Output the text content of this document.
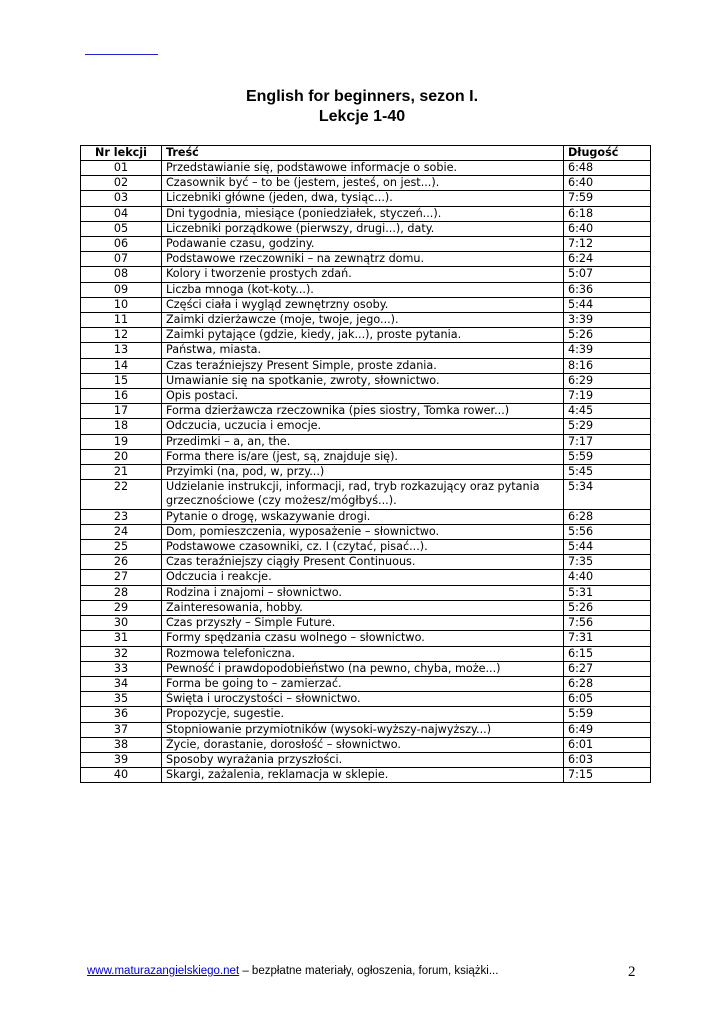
English for beginners, sezon I.
Lekcje 1-40
Nr lekcji	Treść	Długość
01	Przedstawianie się, podstawowe informacje o sobie.	6:48
02	Czasownik być – to be (jestem, jesteś, on jest...).	6:40
03	Liczebniki główne (jeden, dwa, tysiąc...).	7:59
04	Dni tygodnia, miesiące (poniedziałek, styczeń...).	6:18
05	Liczebniki porządkowe (pierwszy, drugi...), daty.	6:40
06	Podawanie czasu, godziny.	7:12
07	Podstawowe rzeczowniki – na zewnątrz domu.	6:24
08	Kolory i tworzenie prostych zdań.	5:07
09	Liczba mnoga (kot-koty...).	6:36
10	Części ciała i wygląd zewnętrzny osoby.	5:44
11	Zaimki dzierżawcze (moje, twoje, jego...).	3:39
12	Zaimki pytające (gdzie, kiedy, jak...), proste pytania.	5:26
13	Państwa, miasta.	4:39
14	Czas teraźniejszy Present Simple, proste zdania.	8:16
15	Umawianie się na spotkanie, zwroty, słownictwo.	6:29
16	Opis postaci.	7:19
17	Forma dzierżawcza rzeczownika (pies siostry, Tomka rower...)	4:45
18	Odczucia, uczucia i emocje.	5:29
19	Przedimki – a, an, the.	7:17
20	Forma there is/are (jest, są, znajduje się).	5:59
21	Przyimki (na, pod, w, przy...)	5:45
22	Udzielanie instrukcji, informacji, rad, tryb rozkazujący oraz pytania grzecznościowe (czy możesz/mógłbyś...).	5:34
23	Pytanie o drogę, wskazywanie drogi.	6:28
24	Dom, pomieszczenia, wyposażenie – słownictwo.	5:56
25	Podstawowe czasowniki, cz. I (czytać, pisać...).	5:44
26	Czas teraźniejszy ciągły Present Continuous.	7:35
27	Odczucia i reakcje.	4:40
28	Rodzina i znajomi – słownictwo.	5:31
29	Zainteresowania, hobby.	5:26
30	Czas przyszły – Simple Future.	7:56
31	Formy spędzania czasu wolnego – słownictwo.	7:31
32	Rozmowa telefoniczna.	6:15
33	Pewność i prawdopodobieństwo (na pewno, chyba, może...)	6:27
34	Forma be going to – zamierzać.	6:28
35	Święta i uroczystości – słownictwo.	6:05
36	Propozycje, sugestie.	5:59
37	Stopniowanie przymiotników (wysoki-wyższy-najwyższy...)	6:49
38	Życie, dorastanie, dorosłość – słownictwo.	6:01
39	Sposoby wyrażania przyszłości.	6:03
40	Skargi, zażalenia, reklamacja w sklepie.	7:15
www.maturazangielskiego.net – bezpłatne materiały, ogłoszenia, forum, książki...	2
